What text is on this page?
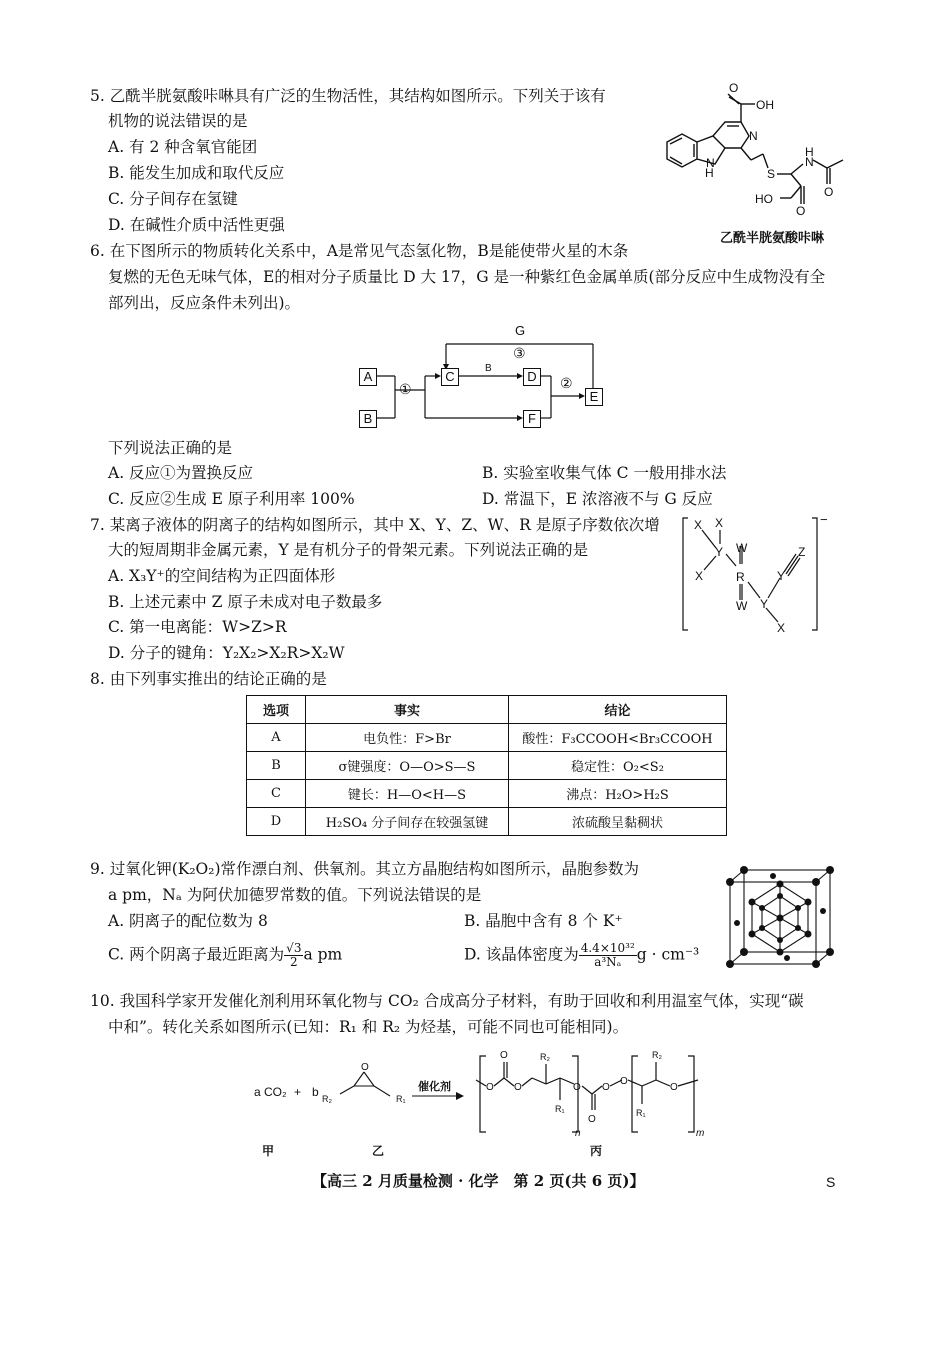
5. 乙酰半胱氨酸咔啉具有广泛的生物活性，其结构如图所示。下列关于该有
机物的说法错误的是
A. 有 2 种含氧官能团
B. 能发生加成和取代反应
C. 分子间存在氢键
D. 在碱性介质中活性更强
O
OH
N
H
N
S
N
H
HO
O
O
乙酰半胱氨酸咔啉
6. 在下图所示的物质转化关系中，A是常见气态氢化物，B是能使带火星的木条
复燃的无色无味气体，E的相对分子质量比 D 大 17，G 是一种紫红色金属单质(部分反应中生成物没有全
部列出，反应条件未列出)。
①	②
③
G
B
A
B
C	D
F
E
下列说法正确的是
A. 反应①为置换反应	B. 实验室收集气体 C 一般用排水法
C. 反应②生成 E 原子利用率 100%	D. 常温下，E 浓溶液不与 G 反应
7. 某离子液体的阴离子的结构如图所示，其中 X、Y、Z、W、R 是原子序数依次增
大的短周期非金属元素，Y 是有机分子的骨架元素。下列说法正确的是
A. X₃Y⁺的空间结构为正四面体形
B. 上述元素中 Z 原子未成对电子数最多
C. 第一电离能：W>Z>R
D. 分子的键角：Y₂X₂>X₂R>X₂W
X X
Y
X
W
R
W Y
X
Y
Z
−
8. 由下列事实推出的结论正确的是
选项	事实	结论
A	电负性：F>Br	酸性：F₃CCOOH<Br₃CCOOH
B	σ键强度：O—O>S—S	稳定性：O₂<S₂
C	键长：H—O<H—S	沸点：H₂O>H₂S
D	H₂SO₄ 分子间存在较强氢键	浓硫酸呈黏稠状
9. 过氧化钾(K₂O₂)常作漂白剂、供氧剂。其立方晶胞结构如图所示，晶胞参数为
a pm，Nₐ 为阿伏加德罗常数的值。下列说法错误的是
A. 阴离子的配位数为 8	B. 晶胞中含有 8 个 K⁺
C. 两个阴离子最近距离为 $\frac{√3}{2}$ a pm	D. 该晶体密度为 $\frac{\text{4.4×10³²}}{\text{a³Nₐ}}$ g · cm⁻³
10. 我国科学家开发催化剂利用环氧化物与 CO₂ 合成高分子材料，有助于回收和利用温室气体，实现“碳
中和”。转化关系如图所示(已知：R₁ 和 R₂ 为烃基，可能不同也可能相同)。
a CO₂ + b R₂
O
R₁
催化剂	O
O
O
R₂
R₁
O
O
O
O
R₁
R₂
O
n	m
甲	乙	丙
【高三 2 月质量检测 · 化学　第 2 页(共 6 页)】	S
